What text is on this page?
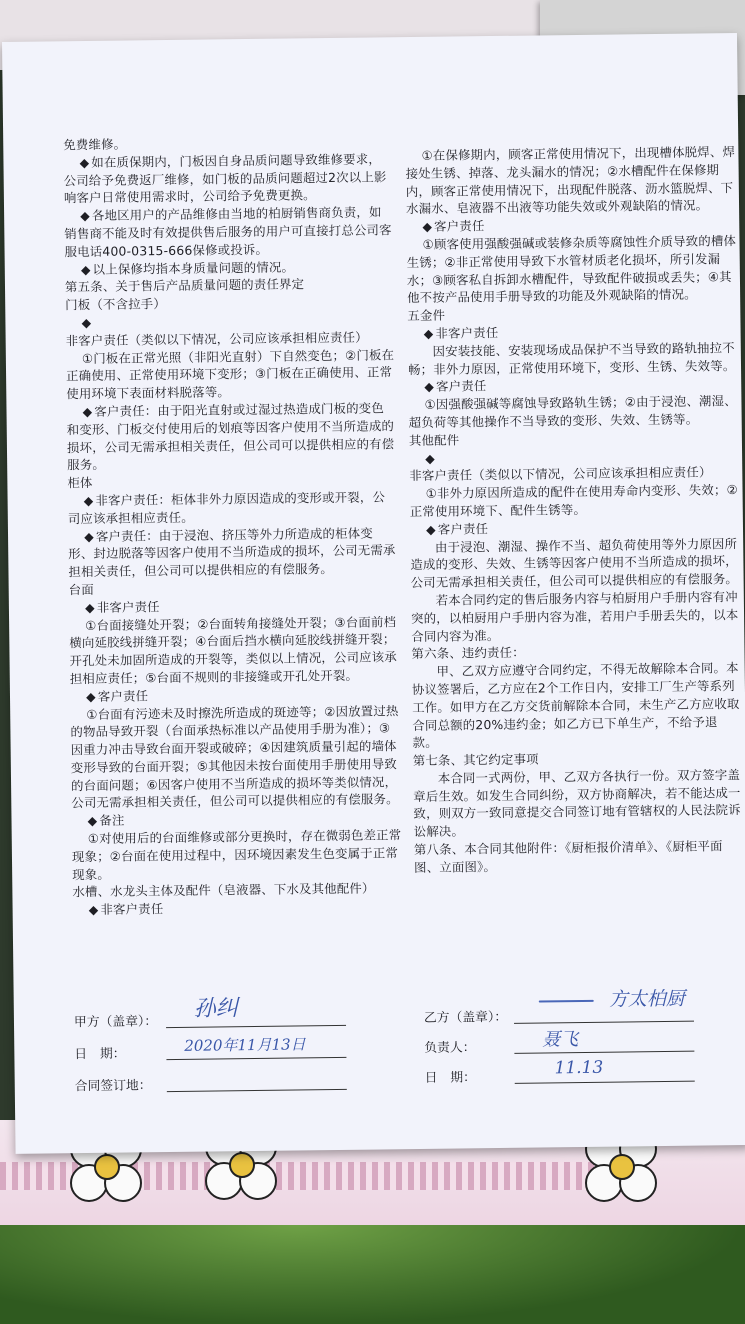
免费维修。

◆ 如在质保期内，门板因自身品质问题导致维修要求，公司给予免费返厂维修，如门板的品质问题超过2次以上影响客户日常使用需求时，公司给予免费更换。

◆ 各地区用户的产品维修由当地的柏厨销售商负责，如销售商不能及时有效提供售后服务的用户可直接打总公司客服电话400-0315-666保修或投诉。

◆ 以上保修均指本身质量问题的情况。

第五条、关于售后产品质量问题的责任界定

门板（不含拉手）

◆ 非客户责任（类似以下情况，公司应该承担相应责任）

①门板在正常光照（非阳光直射）下自然变色；②门板在正确使用、正常使用环境下变形；③门板在正确使用、正常使用环境下表面材料脱落等。

◆ 客户责任：由于阳光直射或过湿过热造成门板的变色和变形、门板交付使用后的划痕等因客户使用不当所造成的损坏，公司无需承担相关责任，但公司可以提供相应的有偿服务。

柜体

◆ 非客户责任：柜体非外力原因造成的变形或开裂，公司应该承担相应责任。

◆ 客户责任：由于浸泡、挤压等外力所造成的柜体变形、封边脱落等因客户使用不当所造成的损坏，公司无需承担相关责任，但公司可以提供相应的有偿服务。

台面

◆ 非客户责任

①台面接缝处开裂；②台面转角接缝处开裂；③台面前档横向延胶线拼缝开裂；④台面后挡水横向延胶线拼缝开裂；开孔处未加固所造成的开裂等，类似以上情况，公司应该承担相应责任；⑤台面不规则的非接缝或开孔处开裂。

◆ 客户责任

①台面有污迹未及时擦洗所造成的斑迹等；②因放置过热的物品导致开裂（台面承热标准以产品使用手册为准）；③因重力冲击导致台面开裂或破碎；④因建筑质量引起的墙体变形导致的台面开裂；⑤其他因未按台面使用手册使用导致的台面问题；⑥因客户使用不当所造成的损坏等类似情况，公司无需承担相关责任，但公司可以提供相应的有偿服务。

◆ 备注

①对使用后的台面维修或部分更换时，存在微弱色差正常现象；②台面在使用过程中，因环境因素发生色变属于正常现象。

水槽、水龙头主体及配件（皂液器、下水及其他配件）

◆ 非客户责任

①在保修期内，顾客正常使用情况下，出现槽体脱焊、焊接处生锈、掉落、龙头漏水的情况；②水槽配件在保修期内，顾客正常使用情况下，出现配件脱落、沥水篮脱焊、下水漏水、皂液器不出液等功能失效或外观缺陷的情况。

◆ 客户责任

①顾客使用强酸强碱或装修杂质等腐蚀性介质导致的槽体生锈；②非正常使用导致下水管材质老化损坏，所引发漏水；③顾客私自拆卸水槽配件，导致配件破损或丢失；④其他不按产品使用手册导致的功能及外观缺陷的情况。

五金件

◆ 非客户责任

因安装技能、安装现场成品保护不当导致的路轨抽拉不畅；非外力原因，正常使用环境下，变形、生锈、失效等。

◆ 客户责任

①因强酸强碱等腐蚀导致路轨生锈；②由于浸泡、潮湿、超负荷等其他操作不当导致的变形、失效、生锈等。

其他配件

◆ 非客户责任（类似以下情况，公司应该承担相应责任）

①非外力原因所造成的配件在使用寿命内变形、失效；②正常使用环境下、配件生锈等。

◆ 客户责任

由于浸泡、潮湿、操作不当、超负荷使用等外力原因所造成的变形、失效、生锈等因客户使用不当所造成的损坏，公司无需承担相关责任，但公司可以提供相应的有偿服务。

若本合同约定的售后服务内容与柏厨用户手册内容有冲突的，以柏厨用户手册内容为准，若用户手册丢失的，以本合同内容为准。

第六条、违约责任：

甲、乙双方应遵守合同约定，不得无故解除本合同。本协议签署后，乙方应在2个工作日内，安排工厂生产等系列工作。如甲方在乙方交货前解除本合同，未生产乙方应收取合同总额的20%违约金；如乙方已下单生产，不给予退款。

第七条、其它约定事项

本合同一式两份，甲、乙双方各执行一份。双方签字盖章后生效。如发生合同纠纷，双方协商解决，若不能达成一致，则双方一致同意提交合同签订地有管辖权的人民法院诉讼解决。

第八条、本合同其他附件：《厨柜报价清单》、《厨柜平面图、立面图》。

甲方（盖章）：
孙纠
日　期：	2020年11月13日
合同签订地：
乙方（盖章）：
方太柏厨
负责人：	聂飞
日　期：	11.13
